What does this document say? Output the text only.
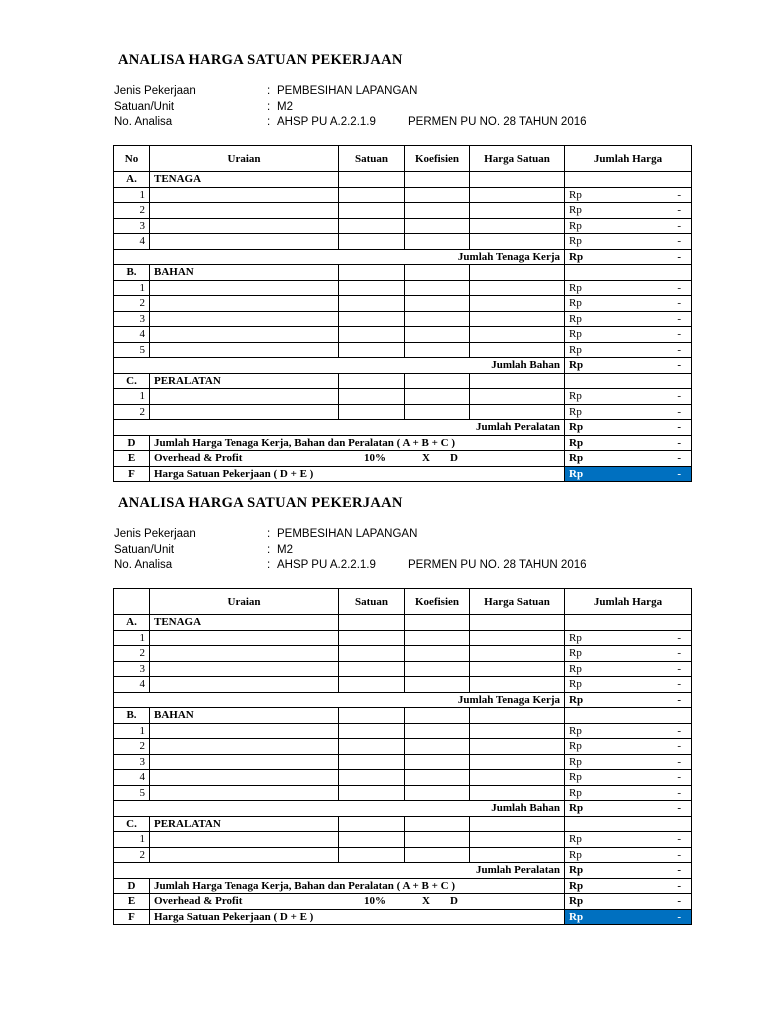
ANALISA HARGA SATUAN PEKERJAAN
Jenis Pekerjaan	: PEMBESIHAN LAPANGAN
Satuan/Unit	: M2
No. Analisa	: AHSP PU A.2.2.1.9	PERMEN PU NO. 28 TAHUN 2016
No	Uraian	Satuan	Koefisien	Harga Satuan	Jumlah Harga
A.	TENAGA				
1					Rp -

2					Rp -

3					Rp -

4					Rp -

Jumlah Tenaga Kerja					Rp -

B.	BAHAN				
1					Rp -

2					Rp -

3					Rp -

4					Rp -

5					Rp -

Jumlah Bahan					Rp -

C.	PERALATAN				
1					Rp -

2					Rp -

Jumlah Peralatan					Rp -

D	Jumlah Harga Tenaga Kerja, Bahan dan Peralatan ( A + B + C )				Rp -

E	Overhead & Profit 10% X D				Rp -

F	Harga Satuan Pekerjaan ( D + E )				Rp -
ANALISA HARGA SATUAN PEKERJAAN
Jenis Pekerjaan	: PEMBESIHAN LAPANGAN
Satuan/Unit	: M2
No. Analisa	: AHSP PU A.2.2.1.9	PERMEN PU NO. 28 TAHUN 2016
	Uraian	Satuan	Koefisien	Harga Satuan	Jumlah Harga
A.	TENAGA				
1					Rp -

2					Rp -

3					Rp -

4					Rp -

Jumlah Tenaga Kerja					Rp -

B.	BAHAN				
1					Rp -

2					Rp -

3					Rp -

4					Rp -

5					Rp -

Jumlah Bahan					Rp -

C.	PERALATAN				
1					Rp -

2					Rp -

Jumlah Peralatan					Rp -

D	Jumlah Harga Tenaga Kerja, Bahan dan Peralatan ( A + B + C )				Rp -

E	Overhead & Profit 10% X D				Rp -

F	Harga Satuan Pekerjaan ( D + E )				Rp -
